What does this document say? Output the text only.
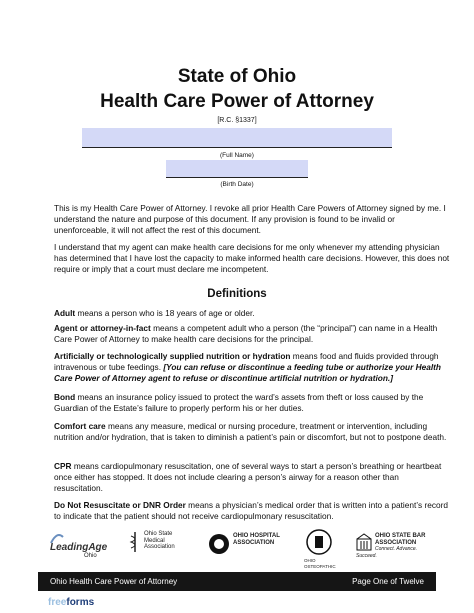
State of Ohio
Health Care Power of Attorney
[R.C. §1337]
(Full Name)
(Birth Date)

This is my Health Care Power of Attorney. I revoke all prior Health Care Powers of Attorney signed by me. I understand the nature and purpose of this document. If any provision is found to be invalid or unenforceable, it will not affect the rest of this document.

I understand that my agent can make health care decisions for me only whenever my attending physician has determined that I have lost the capacity to make informed health care decisions. However, this does not require or imply that a court must declare me incompetent.

Definitions

Adult means a person who is 18 years of age or older.

Agent or attorney-in-fact means a competent adult who a person (the “principal”) can name in a Health Care Power of Attorney to make health care decisions for the principal.

Artificially or technologically supplied nutrition or hydration means food and fluids provided through intravenous or tube feedings. [You can refuse or discontinue a feeding tube or authorize your Health Care Power of Attorney agent to refuse or discontinue artificial nutrition or hydration.]

Bond means an insurance policy issued to protect the ward’s assets from theft or loss caused by the Guardian of the Estate’s failure to properly perform his or her duties.

Comfort care means any measure, medical or nursing procedure, treatment or intervention, including nutrition and/or hydration, that is taken to diminish a patient’s pain or discomfort, but not to postpone death.

CPR means cardiopulmonary resuscitation, one of several ways to start a person’s breathing or heartbeat once either has stopped. It does not include clearing a person’s airway for a reason other than resuscitation.

Do Not Resuscitate or DNR Order means a physician’s medical order that is written into a patient’s record to indicate that the patient should not receive cardiopulmonary resuscitation.

LeadingAge
Ohio
Ohio State Medical Association
OHIO HOSPITAL ASSOCIATION

OHIO OSTEOPATHIC
OHIO STATE BAR ASSOCIATION
Connect. Advance. Succeed.
Ohio Health Care Power of Attorney	Page One of Twelve
freeforms
